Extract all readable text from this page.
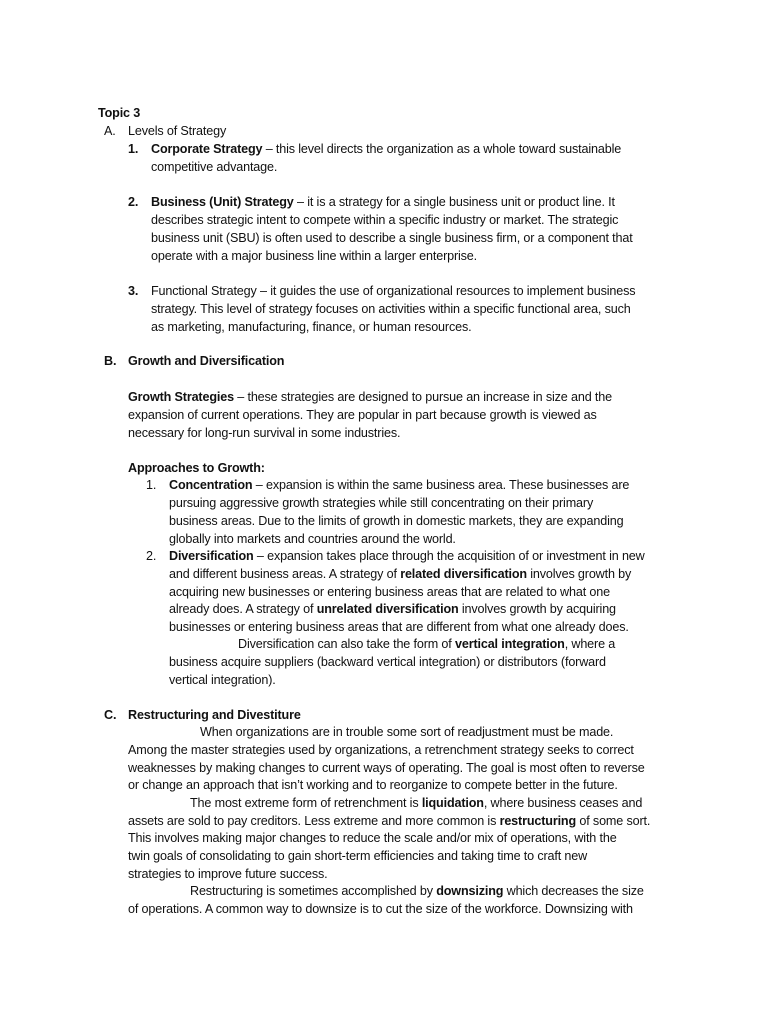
Topic 3
A. Levels of Strategy
1. Corporate Strategy – this level directs the organization as a whole toward sustainable
competitive advantage.
2. Business (Unit) Strategy – it is a strategy for a single business unit or product line. It
describes strategic intent to compete within a specific industry or market. The strategic
business unit (SBU) is often used to describe a single business firm, or a component that
operate with a major business line within a larger enterprise.
3. Functional Strategy – it guides the use of organizational resources to implement business
strategy. This level of strategy focuses on activities within a specific functional area, such
as marketing, manufacturing, finance, or human resources.
B. Growth and Diversification
Growth Strategies – these strategies are designed to pursue an increase in size and the
expansion of current operations. They are popular in part because growth is viewed as
necessary for long-run survival in some industries.
Approaches to Growth:
1. Concentration – expansion is within the same business area. These businesses are
pursuing aggressive growth strategies while still concentrating on their primary
business areas. Due to the limits of growth in domestic markets, they are expanding
globally into markets and countries around the world.
2. Diversification – expansion takes place through the acquisition of or investment in new
and different business areas. A strategy of related diversification involves growth by
acquiring new businesses or entering business areas that are related to what one
already does. A strategy of unrelated diversification involves growth by acquiring
businesses or entering business areas that are different from what one already does.
Diversification can also take the form of vertical integration, where a
business acquire suppliers (backward vertical integration) or distributors (forward
vertical integration).
C. Restructuring and Divestiture
When organizations are in trouble some sort of readjustment must be made.
Among the master strategies used by organizations, a retrenchment strategy seeks to correct
weaknesses by making changes to current ways of operating. The goal is most often to reverse
or change an approach that isn’t working and to reorganize to compete better in the future.
The most extreme form of retrenchment is liquidation, where business ceases and
assets are sold to pay creditors. Less extreme and more common is restructuring of some sort.
This involves making major changes to reduce the scale and/or mix of operations, with the
twin goals of consolidating to gain short-term efficiencies and taking time to craft new
strategies to improve future success.
Restructuring is sometimes accomplished by downsizing which decreases the size
of operations. A common way to downsize is to cut the size of the workforce. Downsizing with
